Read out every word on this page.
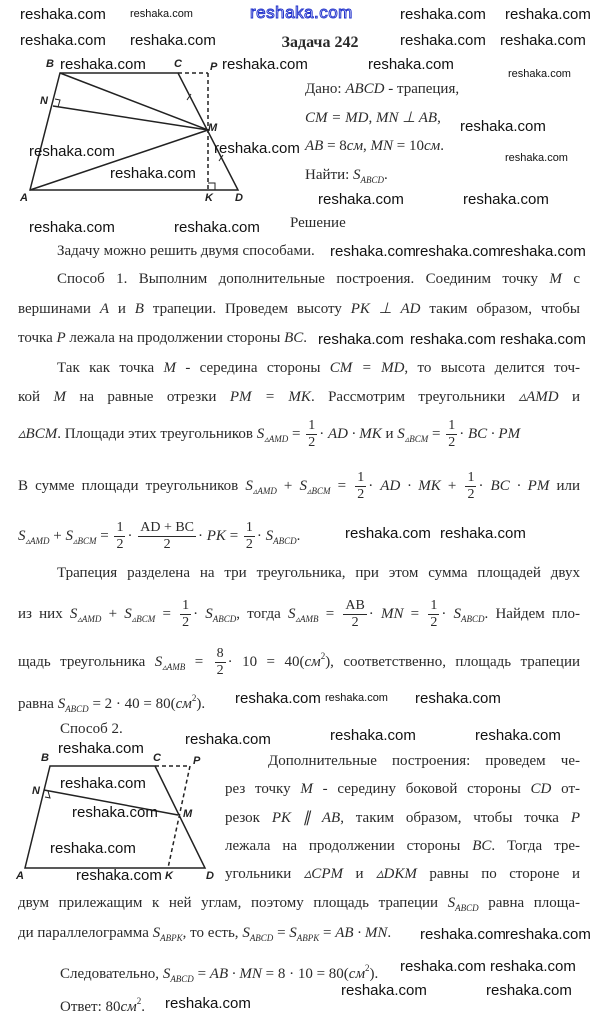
reshaka.com
Задача 242
B	C	P
N
M
A	K D
B	C	P
N
M
A	K	D
Дано: ABCD - трапеция,
CM = MD, MN ⊥ AB,
AB = 8см, MN = 10см.
Найти: $S_{ABCD}$.
Решение
Задачу можно решить двумя способами.
Способ 1. Выполним дополнительные построения. Соединим точку M с
вершинами A и B трапеции. Проведем высоту PK ⊥ AD таким образом, чтобы
точка P лежала на продолжении стороны BC.
Так как точка M - середина стороны CM = MD, то высота делится точ-
кой M на равные отрезки PM = MK. Рассмотрим треугольники ▵AMD и
▵BCM. Площади этих треугольников $S_{▵AMD} = \frac{1}{2}$ · AD · MK и $S_{▵BCM} = \frac{1}{2}$ · BC · PM
В сумме площади треугольников $S_{▵AMD} + S_{▵BCM} = \frac{1}{2}$ · AD · MK + $\frac{1}{2}$ · BC · PM или
$S_{▵AMD} + S_{▵BCM} = \frac{1}{2} \cdot \frac{AD + BC}{2}$ · PK = $\frac{1}{2} \cdot S_{ABCD}$.
Трапеция разделена на три треугольника, при этом сумма площадей двух
из них $S_{▵AMD} + S_{▵BCM} = \frac{1}{2} \cdot S_{ABCD}$, тогда $S_{▵AMB} = \frac{AB}{2}$ · MN = $\frac{1}{2} \cdot S_{ABCD}$. Найдем пло-
щадь треугольника $S_{▵AMB} = \frac{8}{2} \cdot 10 = 40(см^2)$, соответственно, площадь трапеции
равна $S_{ABCD} = 2 \cdot 40 = 80(см^2)$.
Способ 2.
Дополнительные построения: проведем че-
рез точку M - середину боковой стороны CD от-
резок PK ∥ AB, таким образом, чтобы точка P
лежала на продолжении стороны BC. Тогда тре-
угольники ▵CPM и ▵DKM равны по стороне и
двум прилежащим к ней углам, поэтому площадь трапеции $S_{ABCD}$ равна площа-
ди параллелограмма $S_{ABPK}$, то есть, $S_{ABCD} = S_{ABPK}$ = AB · MN.
Следовательно, $S_{ABCD}$ = AB · MN = $8 \cdot 10 = 80(см^2)$.
Ответ: $80см^2$.
reshaka.com reshaka.com	reshaka.com reshaka.com
reshaka.com reshaka.com	reshaka.com reshaka.com
reshaka.com	reshaka.com	reshaka.com
reshaka.com
reshaka.com
reshaka.com
reshaka.com
reshaka.com
reshaka.com
reshaka.com	reshaka.com
reshaka.com	reshaka.com
reshaka.com reshaka.com reshaka.com
reshaka.com reshaka.com reshaka.com
reshaka.com reshaka.com
reshaka.com reshaka.com reshaka.com
reshaka.com
reshaka.com	reshaka.com	reshaka.com
reshaka.com
reshaka.com
reshaka.com
reshaka.com
reshaka.com reshaka.com
reshaka.com reshaka.com
reshaka.com
reshaka.com	reshaka.com
